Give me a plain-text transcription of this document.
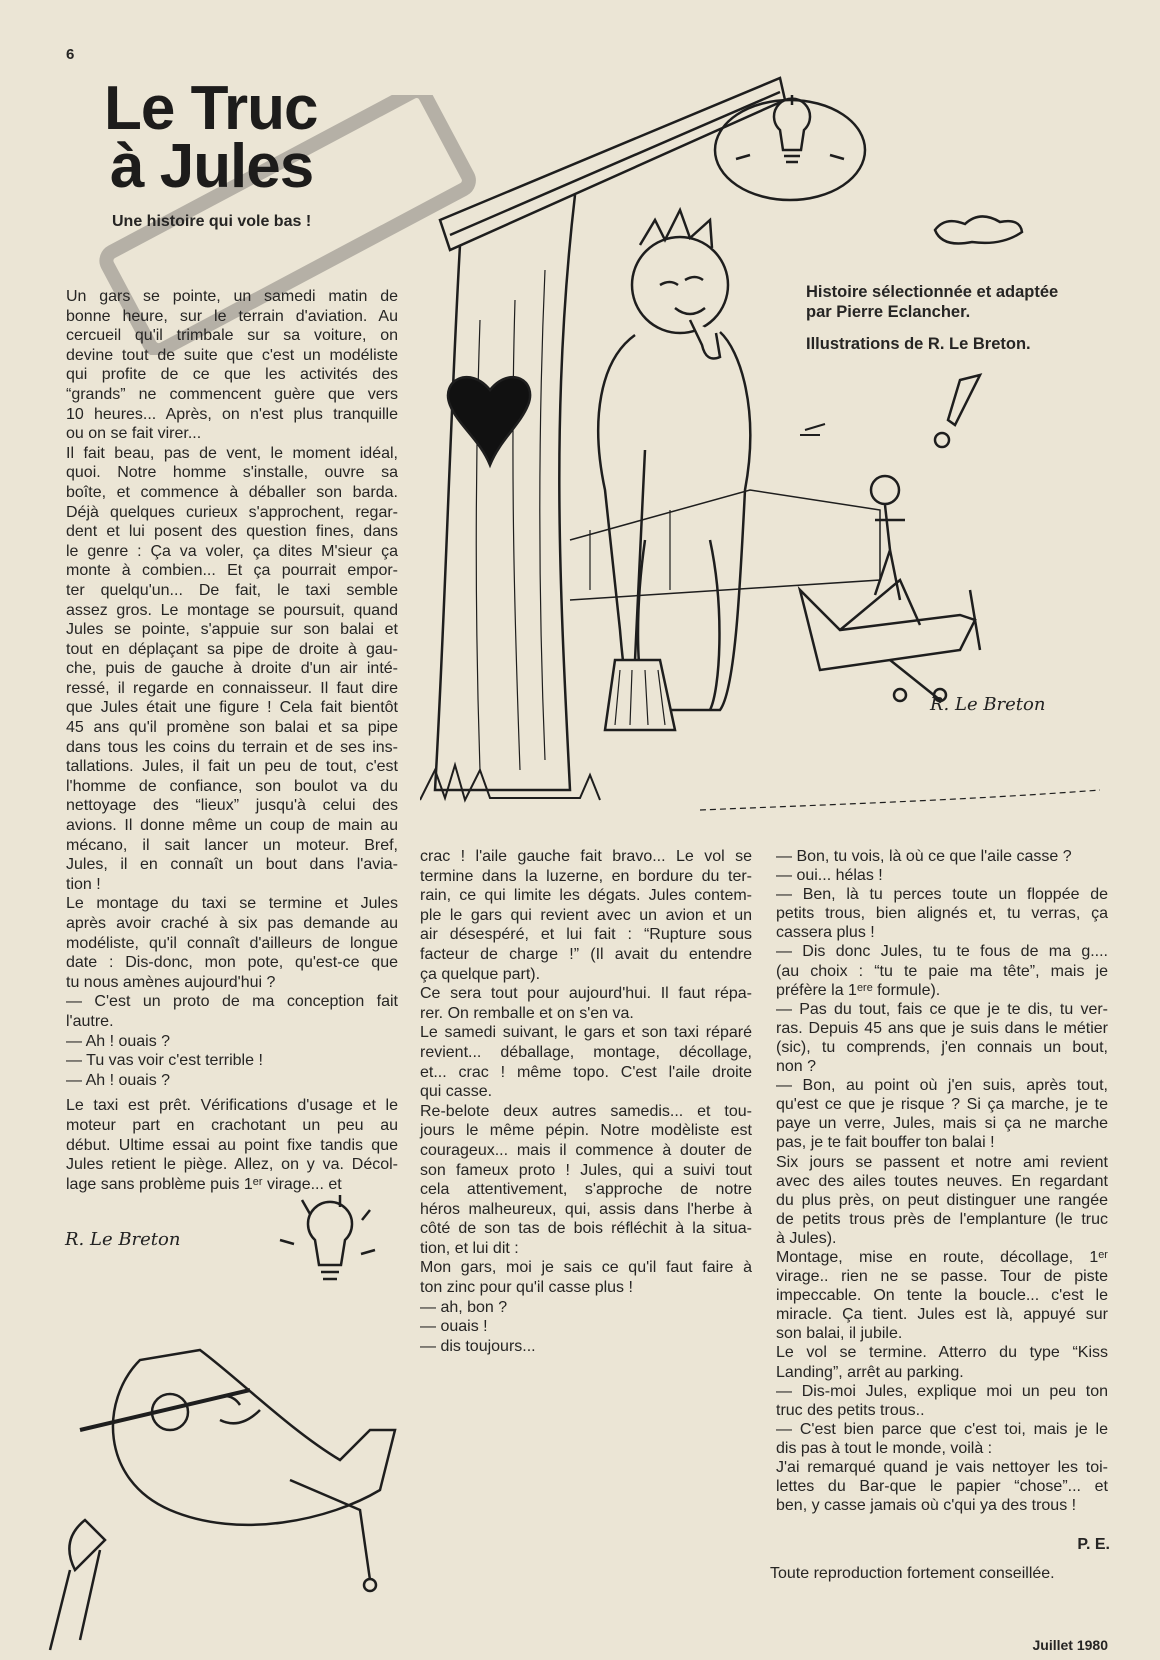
6
Le Truc
à Jules
Une histoire qui vole bas !
Histoire sélectionnée et adaptée
par Pierre Eclancher.
Illustrations de R. Le Breton.
R. Le Breton
R. Le Breton
Un gars se pointe, un samedi matin de
bonne heure, sur le terrain d'aviation. Au
cercueil qu'il trimbale sur sa voiture, on
devine tout de suite que c'est un modéliste
qui profite de ce que les activités des
“grands” ne commencent guère que vers
10 heures... Après, on n'est plus tranquille
ou on se fait virer...
Il fait beau, pas de vent, le moment idéal,
quoi. Notre homme s'installe, ouvre sa
boîte, et commence à déballer son barda.
Déjà quelques curieux s'approchent, regar-
dent et lui posent des question fines, dans
le genre : Ça va voler, ça dites M'sieur ça
monte à combien... Et ça pourrait empor-
ter quelqu'un... De fait, le taxi semble
assez gros. Le montage se poursuit, quand
Jules se pointe, s'appuie sur son balai et
tout en déplaçant sa pipe de droite à gau-
che, puis de gauche à droite d'un air inté-
ressé, il regarde en connaisseur. Il faut dire
que Jules était une figure ! Cela fait bientôt
45 ans qu'il promène son balai et sa pipe
dans tous les coins du terrain et de ses ins-
tallations. Jules, il fait un peu de tout, c'est
l'homme de confiance, son boulot va du
nettoyage des “lieux” jusqu'à celui des
avions. Il donne même un coup de main au
mécano, il sait lancer un moteur. Bref,
Jules, il en connaît un bout dans l'avia-
tion !
Le montage du taxi se termine et Jules
après avoir craché à six pas demande au
modéliste, qu'il connaît d'ailleurs de longue
date : Dis-donc, mon pote, qu'est-ce que
tu nous amènes aujourd'hui ?
— C'est un proto de ma conception fait
l'autre.
— Ah ! ouais ?
— Tu vas voir c'est terrible !
— Ah ! ouais ?
Le taxi est prêt. Vérifications d'usage et le
moteur part en crachotant un peu au
début. Ultime essai au point fixe tandis que
Jules retient le piège. Allez, on y va. Décol-
lage sans problème puis 1ᵉʳ virage... et
crac ! l'aile gauche fait bravo... Le vol se
termine dans la luzerne, en bordure du ter-
rain, ce qui limite les dégats. Jules contem-
ple le gars qui revient avec un avion et un
air désespéré, et lui fait : “Rupture sous
facteur de charge !” (Il avait du entendre
ça quelque part).
Ce sera tout pour aujourd'hui. Il faut répa-
rer. On remballe et on s'en va.
Le samedi suivant, le gars et son taxi réparé
revient... déballage, montage, décollage,
et... crac ! même topo. C'est l'aile droite
qui casse.
Re-belote deux autres samedis... et tou-
jours le même pépin. Notre modèliste est
courageux... mais il commence à douter de
son fameux proto ! Jules, qui a suivi tout
cela attentivement, s'approche de notre
héros malheureux, qui, assis dans l'herbe à
côté de son tas de bois réfléchit à la situa-
tion, et lui dit :
Mon gars, moi je sais ce qu'il faut faire à
ton zinc pour qu'il casse plus !
— ah, bon ?
— ouais !
— dis toujours...
— Bon, tu vois, là où ce que l'aile casse ?
— oui... hélas !
— Ben, là tu perces toute un floppée de
petits trous, bien alignés et, tu verras, ça
cassera plus !
— Dis donc Jules, tu te fous de ma g....
(au choix : “tu te paie ma tête”, mais je
préfère la 1ᵉʳᵉ formule).
— Pas du tout, fais ce que je te dis, tu ver-
ras. Depuis 45 ans que je suis dans le métier
(sic), tu comprends, j'en connais un bout,
non ?
— Bon, au point où j'en suis, après tout,
qu'est ce que je risque ? Si ça marche, je te
paye un verre, Jules, mais si ça ne marche
pas, je te fait bouffer ton balai !
Six jours se passent et notre ami revient
avec des ailes toutes neuves. En regardant
du plus près, on peut distinguer une rangée
de petits trous près de l'emplanture (le truc
à Jules).
Montage, mise en route, décollage, 1ᵉʳ
virage.. rien ne se passe. Tour de piste
impeccable. On tente la boucle... c'est le
miracle. Ça tient. Jules est là, appuyé sur
son balai, il jubile.
Le vol se termine. Atterro du type “Kiss
Landing”, arrêt au parking.
— Dis-moi Jules, explique moi un peu ton
truc des petits trous..
— C'est bien parce que c'est toi, mais je le
dis pas à tout le monde, voilà :
J'ai remarqué quand je vais nettoyer les toi-
lettes du Bar-que le papier “chose”... et
ben, y casse jamais où c'qui ya des trous !
P. E.
Toute reproduction fortement conseillée.
Juillet 1980
